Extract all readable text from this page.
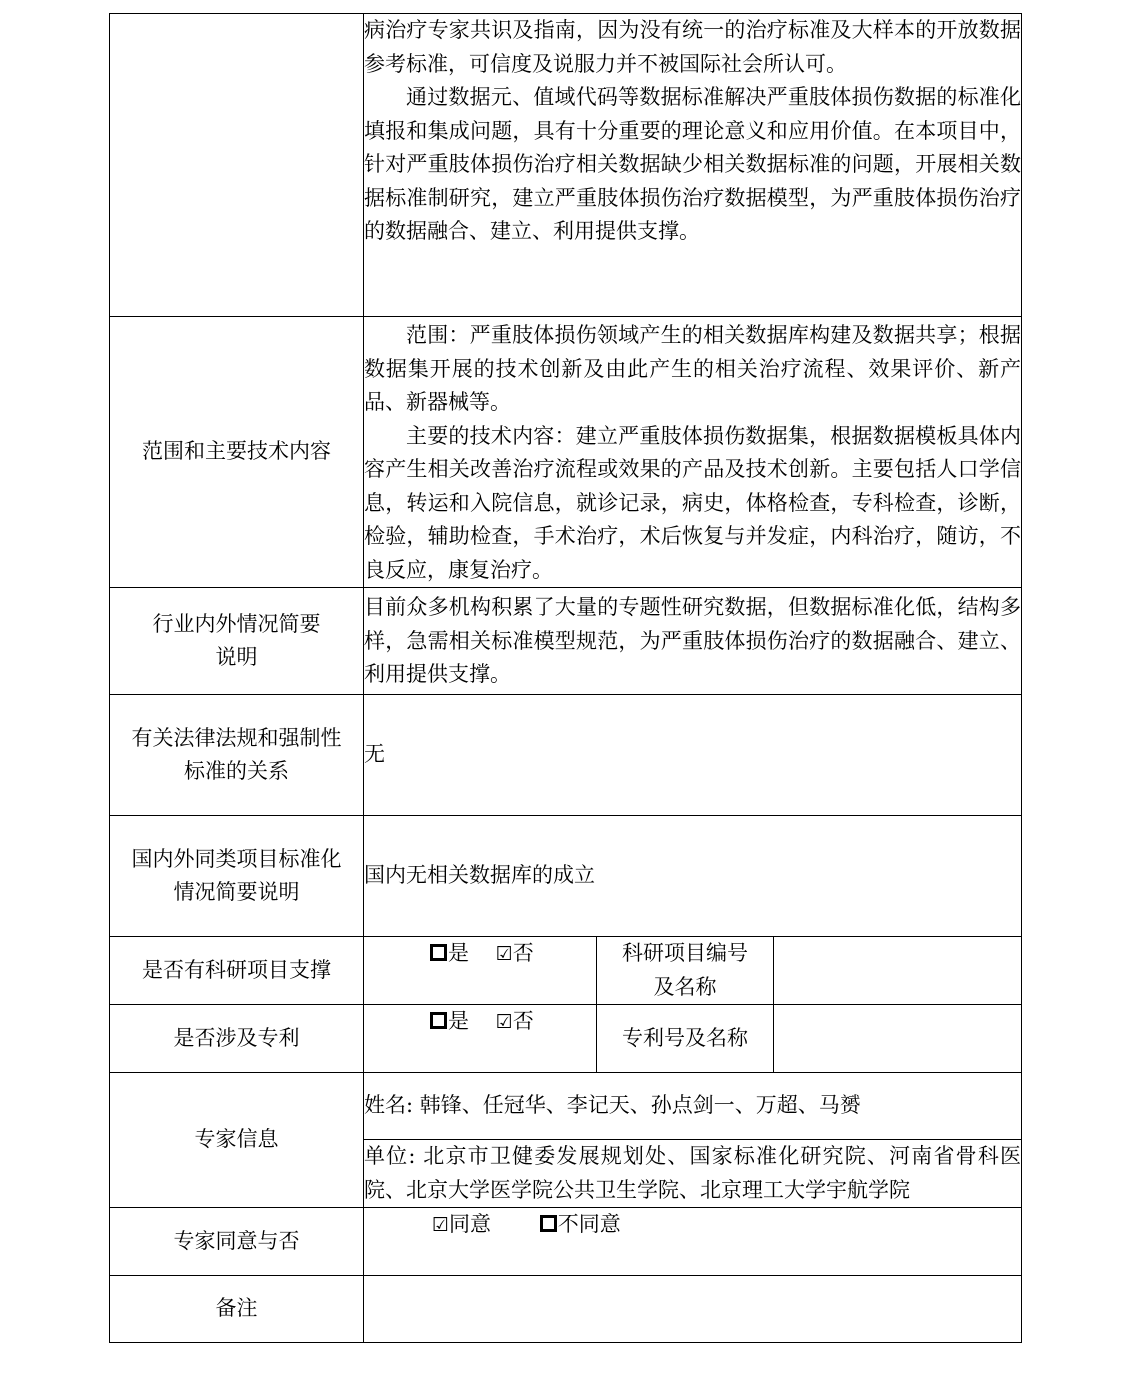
	病治疗专家共识及指南，因为没有统一的治疗标准及大样本的开放数据参考标准，可信度及说服力并不被国际社会所认可。

通过数据元、值域代码等数据标准解决严重肢体损伤数据的标准化填报和集成问题，具有十分重要的理论意义和应用价值。在本项目中，针对严重肢体损伤治疗相关数据缺少相关数据标准的问题，开展相关数据标准制研究，建立严重肢体损伤治疗数据模型，为严重肢体损伤治疗的数据融合、建立、利用提供支撑。		

范围和主要技术内容	范围：严重肢体损伤领域产生的相关数据库构建及数据共享；根据数据集开展的技术创新及由此产生的相关治疗流程、效果评价、新产品、新器械等。

主要的技术内容：建立严重肢体损伤数据集，根据数据模板具体内容产生相关改善治疗流程或效果的产品及技术创新。主要包括人口学信息，转运和入院信息，就诊记录，病史，体格检查，专科检查，诊断，检验，辅助检查，手术治疗，术后恢复与并发症，内科治疗，随访，不良反应，康复治疗。		

行业内外情况简要
说明	目前众多机构积累了大量的专题性研究数据，但数据标准化低，结构多样，急需相关标准模型规范，为严重肢体损伤治疗的数据融合、建立、利用提供支撑。		

有关法律法规和强制性
标准的关系	无		

国内外同类项目标准化
情况简要说明	国内无相关数据库的成立		
是否有科研项目支撑	是 ☑否	科研项目编号
及名称	

是否涉及专利	是 ☑否	专利号及名称	
专家信息	姓名: 韩锋、任冠华、李记天、孙点剑一、万超、马赟		
	单位: 北京市卫健委发展规划处、国家标准化研究院、河南省骨科医院、北京大学医学院公共卫生学院、北京理工大学宇航学院		
专家同意与否	☑同意 不同意		
备注			
